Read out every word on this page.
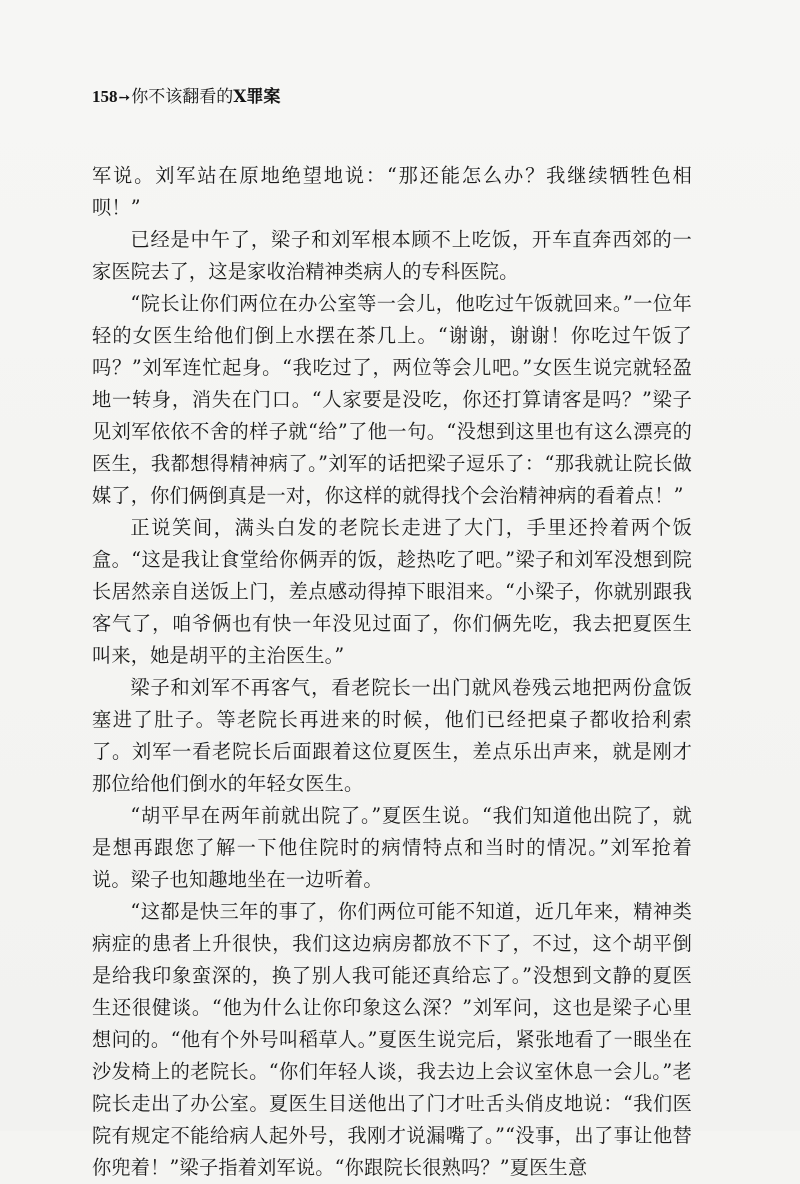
158➙你不该翻看的X罪案

军说。刘军站在原地绝望地说：“那还能怎么办？我继续牺牲色相呗！”

已经是中午了，梁子和刘军根本顾不上吃饭，开车直奔西郊的一家医院去了，这是家收治精神类病人的专科医院。

“院长让你们两位在办公室等一会儿，他吃过午饭就回来。”一位年轻的女医生给他们倒上水摆在茶几上。“谢谢，谢谢！你吃过午饭了吗？”刘军连忙起身。“我吃过了，两位等会儿吧。”女医生说完就轻盈地一转身，消失在门口。“人家要是没吃，你还打算请客是吗？”梁子见刘军依依不舍的样子就“给”了他一句。“没想到这里也有这么漂亮的医生，我都想得精神病了。”刘军的话把梁子逗乐了：“那我就让院长做媒了，你们俩倒真是一对，你这样的就得找个会治精神病的看着点！”

正说笑间，满头白发的老院长走进了大门，手里还拎着两个饭盒。“这是我让食堂给你俩弄的饭，趁热吃了吧。”梁子和刘军没想到院长居然亲自送饭上门，差点感动得掉下眼泪来。“小梁子，你就别跟我客气了，咱爷俩也有快一年没见过面了，你们俩先吃，我去把夏医生叫来，她是胡平的主治医生。”

梁子和刘军不再客气，看老院长一出门就风卷残云地把两份盒饭塞进了肚子。等老院长再进来的时候，他们已经把桌子都收拾利索了。刘军一看老院长后面跟着这位夏医生，差点乐出声来，就是刚才那位给他们倒水的年轻女医生。

“胡平早在两年前就出院了。”夏医生说。“我们知道他出院了，就是想再跟您了解一下他住院时的病情特点和当时的情况。”刘军抢着说。梁子也知趣地坐在一边听着。

“这都是快三年的事了，你们两位可能不知道，近几年来，精神类病症的患者上升很快，我们这边病房都放不下了，不过，这个胡平倒是给我印象蛮深的，换了别人我可能还真给忘了。”没想到文静的夏医生还很健谈。“他为什么让你印象这么深？”刘军问，这也是梁子心里想问的。“他有个外号叫稻草人。”夏医生说完后，紧张地看了一眼坐在沙发椅上的老院长。“你们年轻人谈，我去边上会议室休息一会儿。”老院长走出了办公室。夏医生目送他出了门才吐舌头俏皮地说：“我们医院有规定不能给病人起外号，我刚才说漏嘴了。”“没事，出了事让他替你兜着！”梁子指着刘军说。“你跟院长很熟吗？”夏医生意
